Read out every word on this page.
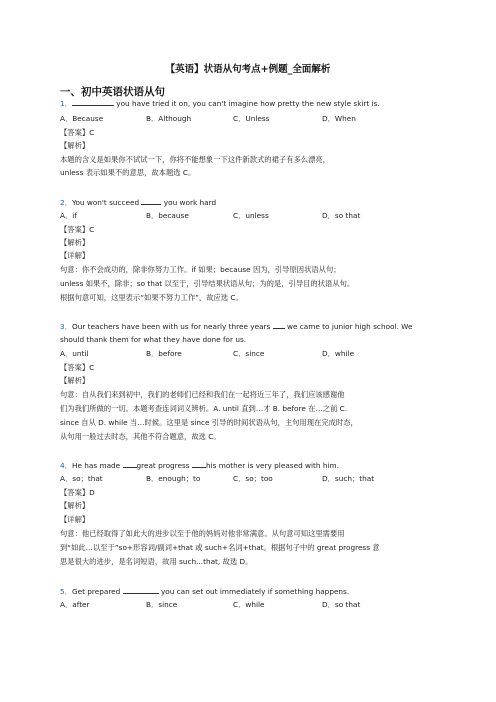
【英语】状语从句考点+例题_全面解析
一、初中英语状语从句
1．	you have tried it on, you can't imagine how pretty the new style skirt is.
A．Because	B．Although	C．Unless	D．When
【答案】C
【解析】
本题的含义是如果你不试试一下，你将不能想象一下这件新款式的裙子有多么漂亮，
unless 表示如果不的意思，故本题选 C。
2．You won't succeed	you work hard
A．if	B．because	C．unless	D．so that
【答案】C
【解析】
【详解】
句意：你不会成功的，除非你努力工作。if 如果；because 因为，引导原因状语从句；
unless 如果不，除非；so that 以至于，引导结果状语从句；为的是，引导目的状语从句。
根据句意可知，这里表示“如果不努力工作”，故应选 C。
3．Our teachers have been with us for nearly three years  we came to junior high school. We
should thank them for what they have done for us.
A．until	B．before	C．since	D．while
【答案】C
【解析】
句意：自从我们来到初中，我们的老师们已经和我们在一起将近三年了，我们应该感谢他
们为我们所做的一切。本题考查连词词义辨析。A. until 直到…才 B. before 在…之前 C.
since 自从 D. while 当…时候。这里是 since 引导的时间状语从句，主句用现在完成时态，
从句用一般过去时态，其他不符合题意，故选 C。
4．He has made great progress his mother is very pleased with him.
A．so；that	B．enough；to	C．so；too	D．such；that
【答案】D
【解析】
【详解】
句意：他已经取得了如此大的进步以至于他的妈妈对他非常满意。从句意可知这里需要用
到“如此…以至于”so+形容词/副词+that 或 such+名词+that。根据句子中的 great progress 意
思是很大的进步，是名词短语，故用 such...that, 故选 D。
5．Get prepared	you can set out immediately if something happens.
A．after	B．since	C．while	D．so that
